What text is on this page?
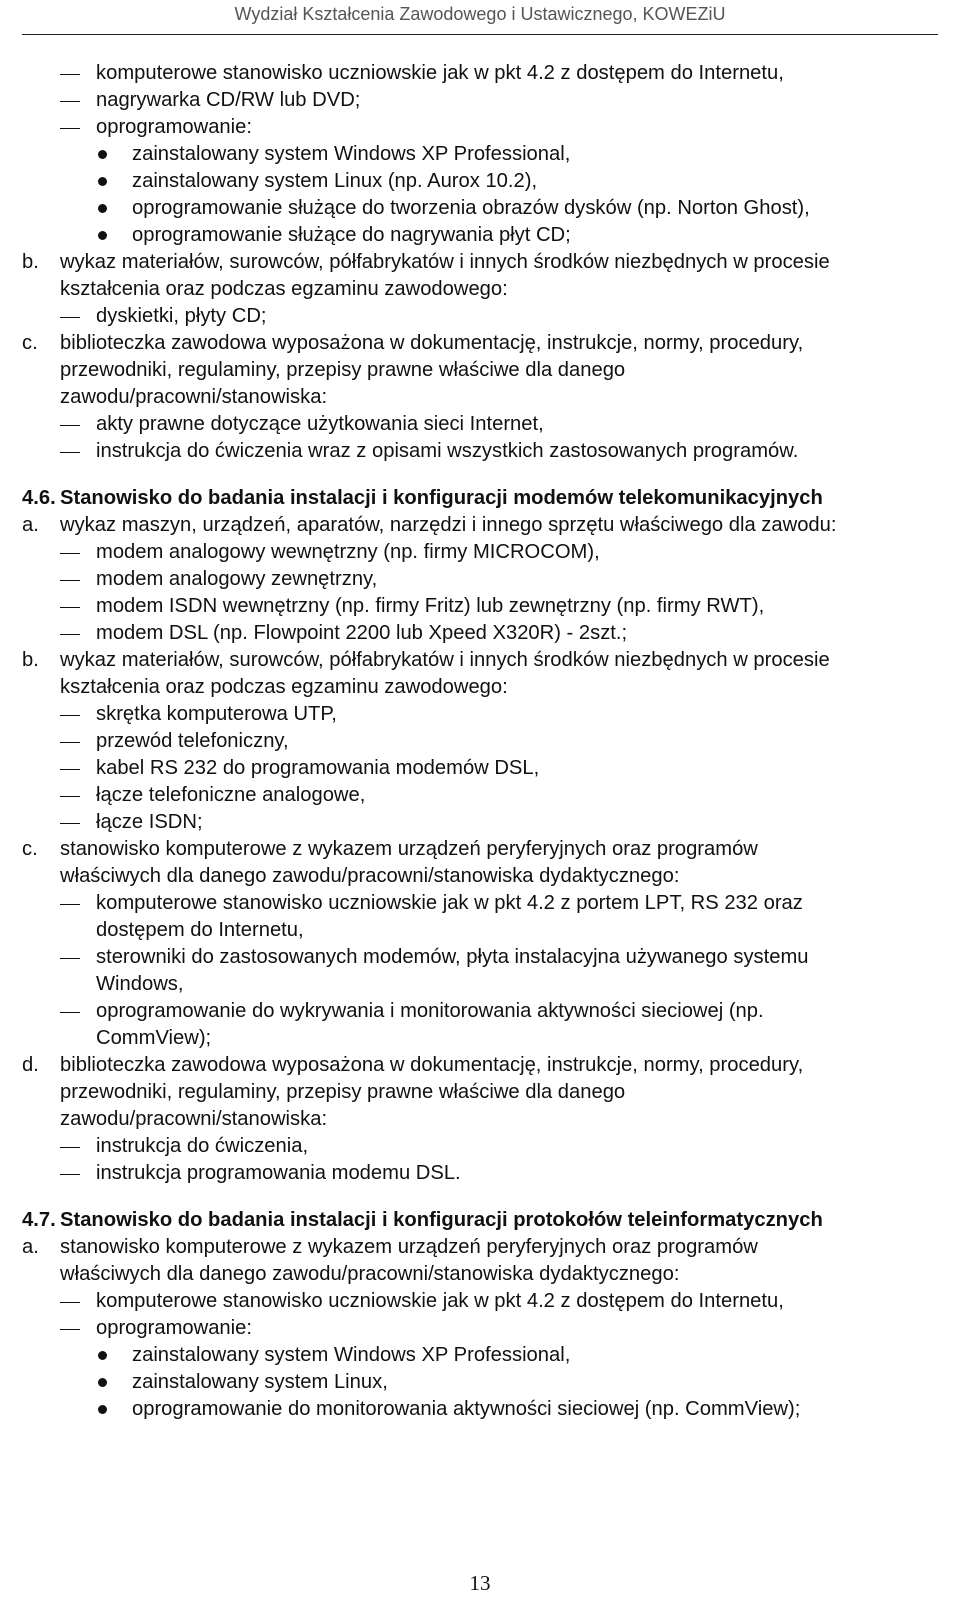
Wydział Kształcenia Zawodowego i Ustawicznego, KOWEZiU
komputerowe stanowisko uczniowskie jak w pkt 4.2 z dostępem do Internetu,
nagrywarka CD/RW lub DVD;
oprogramowanie:
zainstalowany system Windows XP Professional,
zainstalowany system Linux (np. Aurox 10.2),
oprogramowanie służące do tworzenia obrazów dysków (np. Norton Ghost),
oprogramowanie służące do nagrywania płyt CD;
b. wykaz materiałów, surowców, półfabrykatów i innych środków niezbędnych w procesie
kształcenia oraz podczas egzaminu zawodowego:
dyskietki, płyty CD;
c. biblioteczka zawodowa wyposażona w dokumentację, instrukcje, normy, procedury,
przewodniki, regulaminy, przepisy prawne właściwe dla danego
zawodu/pracowni/stanowiska:
akty prawne dotyczące użytkowania sieci Internet,
instrukcja do ćwiczenia wraz z opisami wszystkich zastosowanych programów.
4.6. Stanowisko do badania instalacji i konfiguracji modemów telekomunikacyjnych
a. wykaz maszyn, urządzeń, aparatów, narzędzi i innego sprzętu właściwego dla zawodu:
modem analogowy wewnętrzny (np. firmy MICROCOM),
modem analogowy zewnętrzny,
modem ISDN wewnętrzny (np. firmy Fritz) lub zewnętrzny (np. firmy RWT),
modem DSL (np. Flowpoint 2200 lub Xpeed X320R) - 2szt.;
b. wykaz materiałów, surowców, półfabrykatów i innych środków niezbędnych w procesie
kształcenia oraz podczas egzaminu zawodowego:
skrętka komputerowa UTP,
przewód telefoniczny,
kabel RS 232 do programowania modemów DSL,
łącze telefoniczne analogowe,
łącze ISDN;
c. stanowisko komputerowe z wykazem urządzeń peryferyjnych oraz programów
właściwych dla danego zawodu/pracowni/stanowiska dydaktycznego:
komputerowe stanowisko uczniowskie jak w pkt 4.2 z portem LPT, RS 232 oraz
dostępem do Internetu,
sterowniki do zastosowanych modemów, płyta instalacyjna używanego systemu
Windows,
oprogramowanie do wykrywania i monitorowania aktywności sieciowej (np.
CommView);
d. biblioteczka zawodowa wyposażona w dokumentację, instrukcje, normy, procedury,
przewodniki, regulaminy, przepisy prawne właściwe dla danego
zawodu/pracowni/stanowiska:
instrukcja do ćwiczenia,
instrukcja programowania modemu DSL.
4.7. Stanowisko do badania instalacji i konfiguracji protokołów teleinformatycznych
a. stanowisko komputerowe z wykazem urządzeń peryferyjnych oraz programów
właściwych dla danego zawodu/pracowni/stanowiska dydaktycznego:
komputerowe stanowisko uczniowskie jak w pkt 4.2 z dostępem do Internetu,
oprogramowanie:
zainstalowany system Windows XP Professional,
zainstalowany system Linux,
oprogramowanie do monitorowania aktywności sieciowej (np. CommView);
13
